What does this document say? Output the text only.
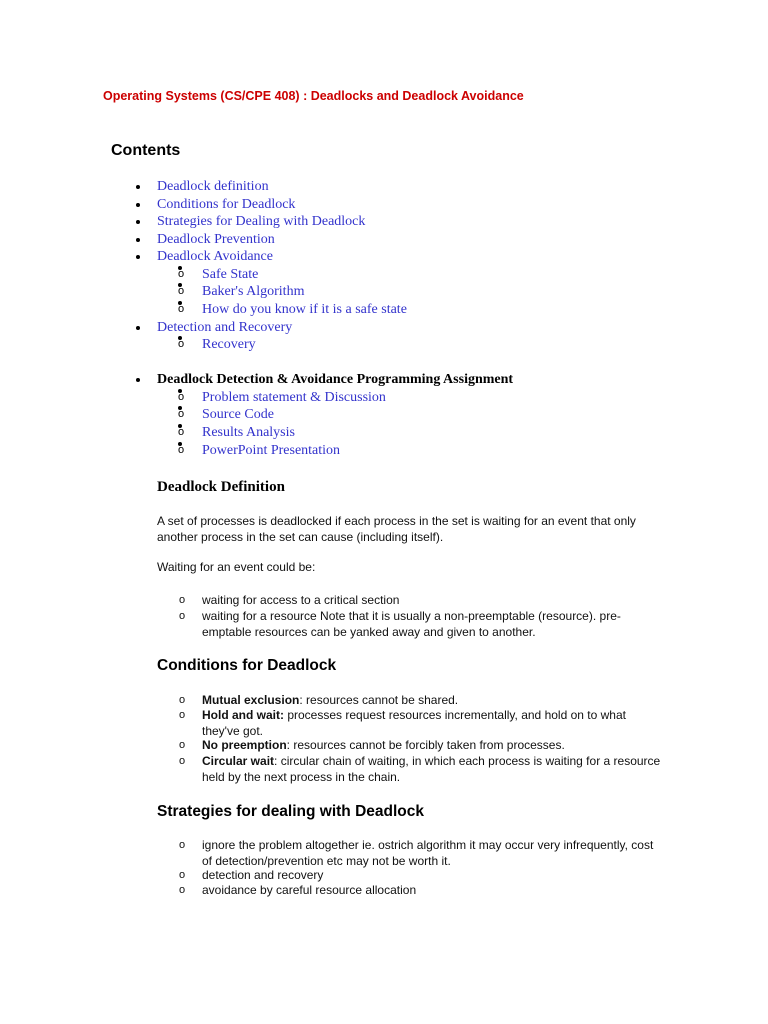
Operating Systems (CS/CPE 408) : Deadlocks and Deadlock Avoidance
Contents
Deadlock definition
Conditions for Deadlock
Strategies for Dealing with Deadlock
Deadlock Prevention
Deadlock Avoidance
o Safe State
o Baker's Algorithm
o How do you know if it is a safe state
Detection and Recovery
o Recovery
Deadlock Detection & Avoidance Programming Assignment
o Problem statement & Discussion
o Source Code
o Results Analysis
o PowerPoint Presentation
Deadlock Definition
A set of processes is deadlocked if each process in the set is waiting for an event that only another process in the set can cause (including itself).
Waiting for an event could be:
o waiting for access to a critical section
o waiting for a resource Note that it is usually a non-preemptable (resource). pre-emptable resources can be yanked away and given to another.
Conditions for Deadlock
o Mutual exclusion: resources cannot be shared.
o Hold and wait: processes request resources incrementally, and hold on to what they've got.
o No preemption: resources cannot be forcibly taken from processes.
o Circular wait: circular chain of waiting, in which each process is waiting for a resource held by the next process in the chain.
Strategies for dealing with Deadlock
o ignore the problem altogether ie. ostrich algorithm it may occur very infrequently, cost of detection/prevention etc may not be worth it.
o detection and recovery
o avoidance by careful resource allocation
